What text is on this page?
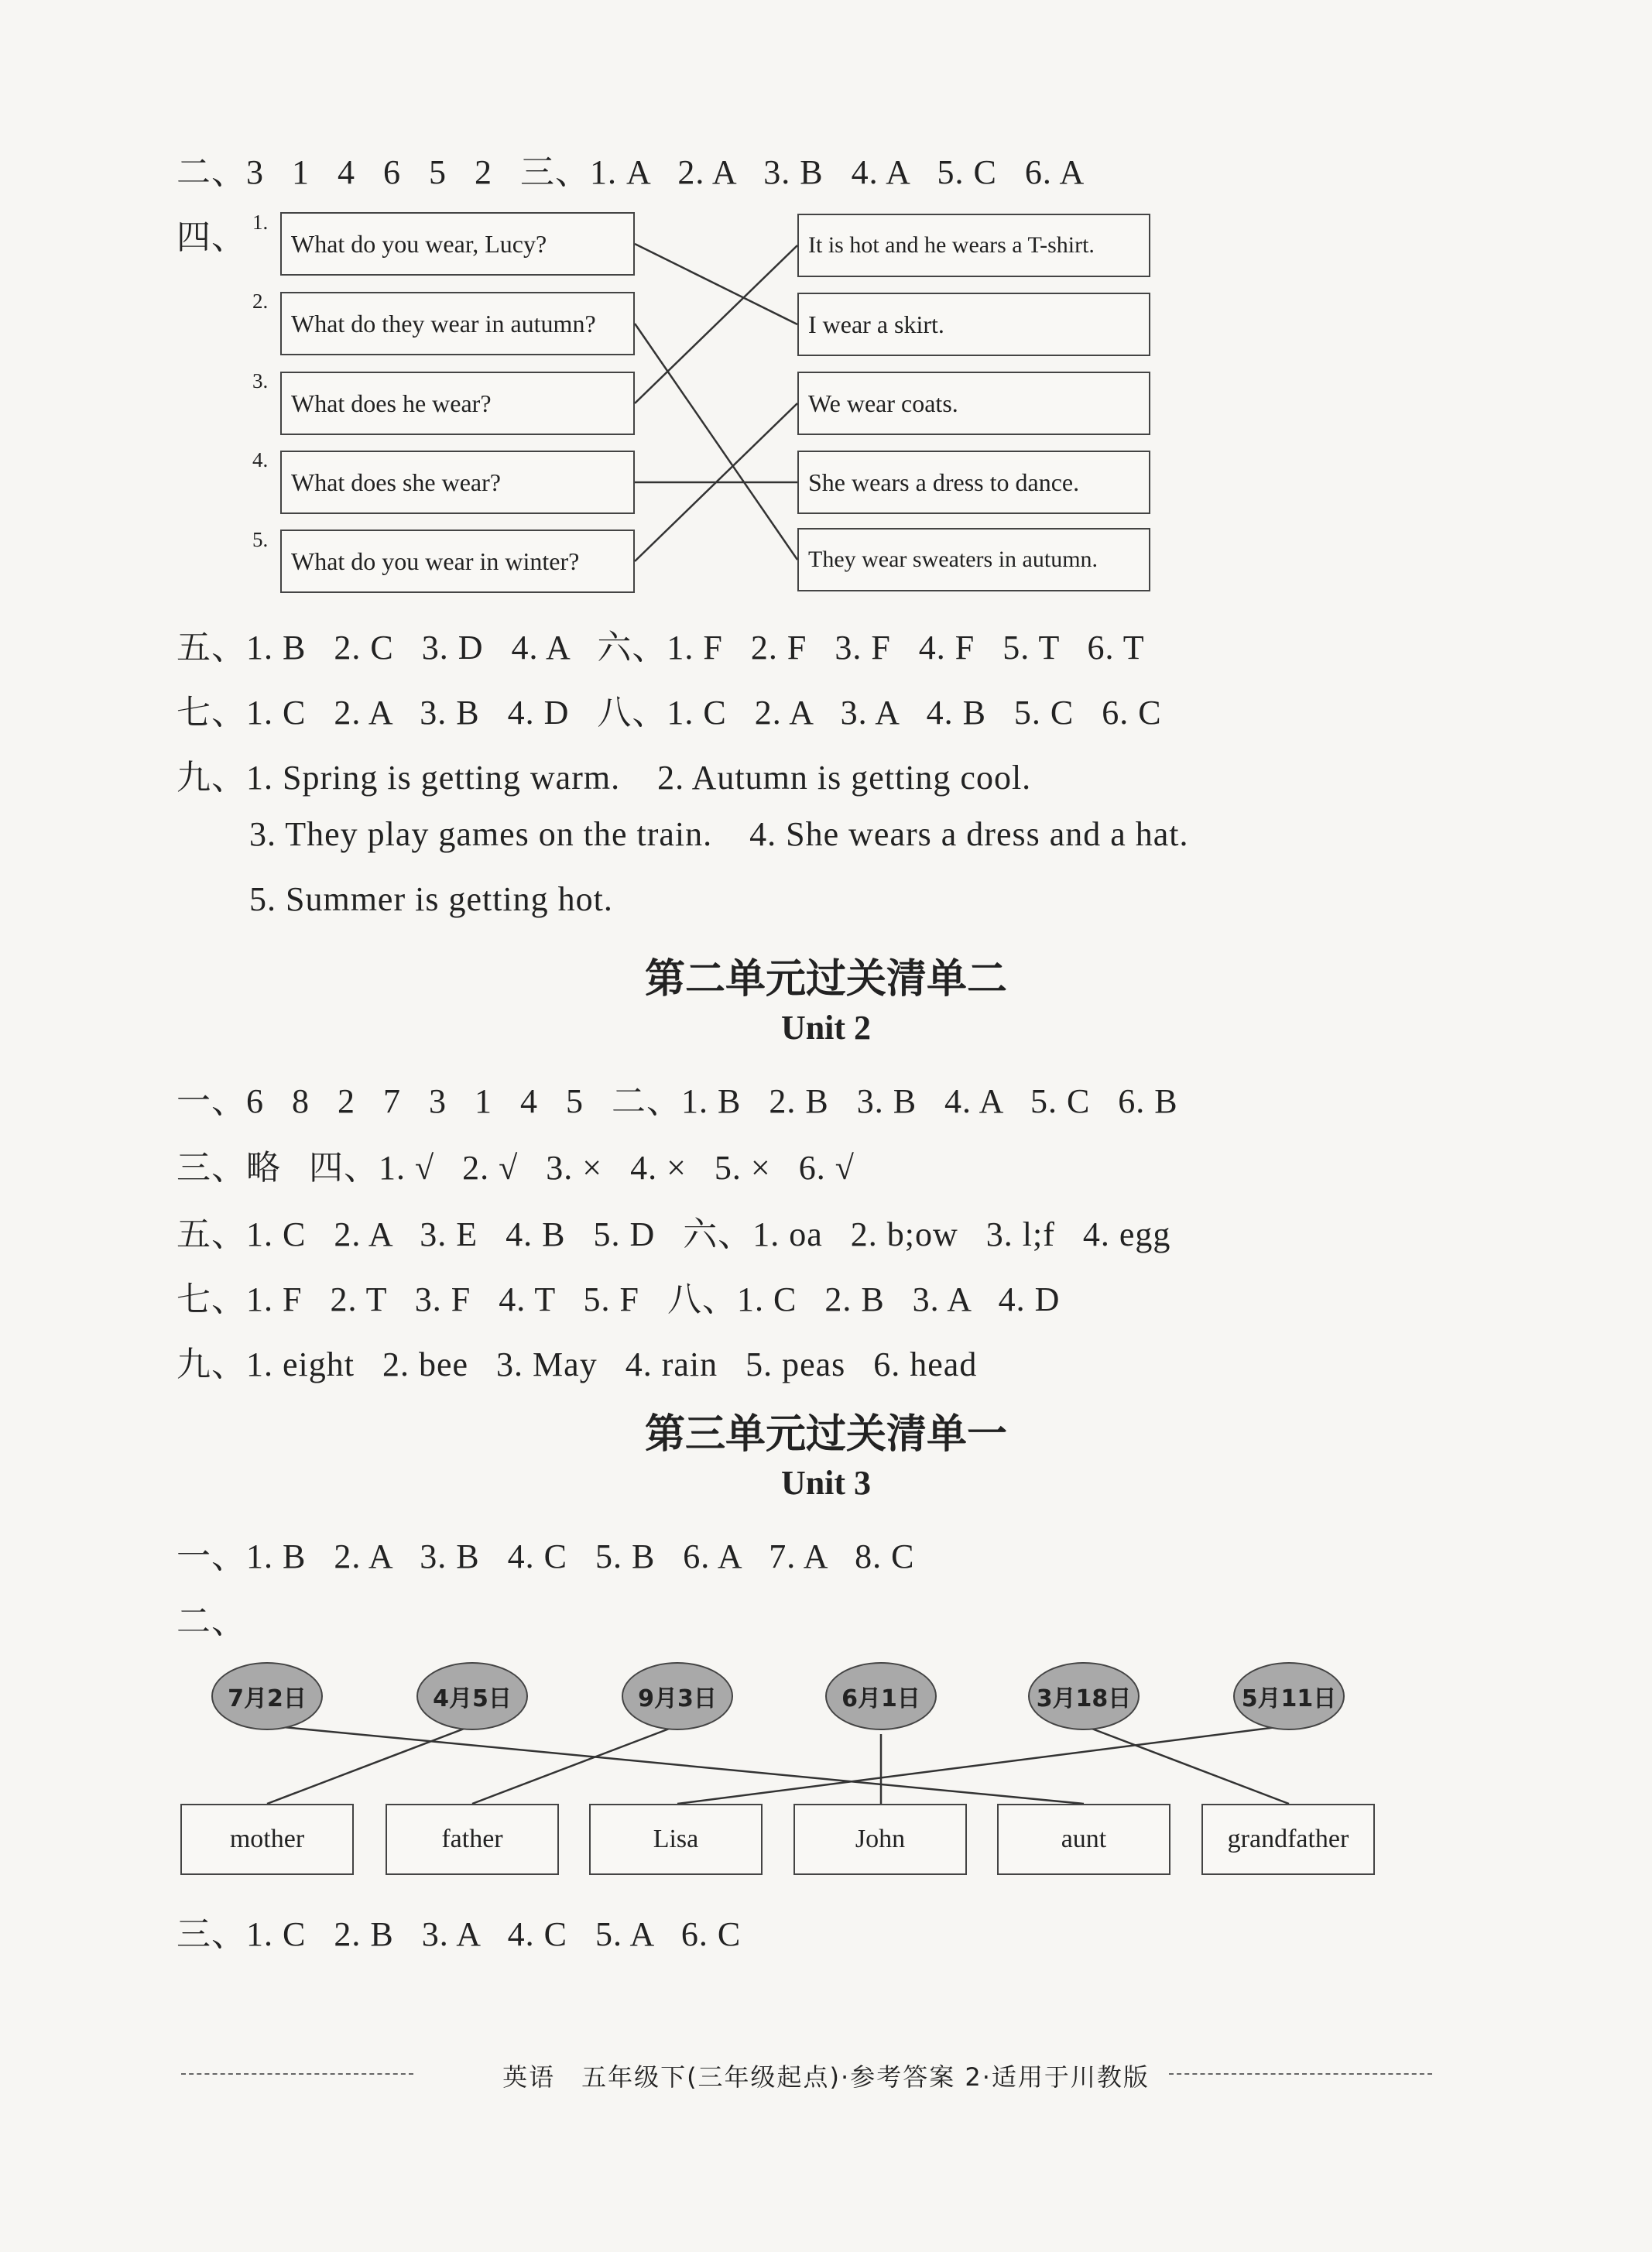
二、3   1   4   6   5   2   三、1. A   2. A   3. B   4. A   5. C   6. A
四、 1.
2.
3.
4.
5.
What do you wear, Lucy?
What do they wear in autumn?
What does he wear?
What does she wear?
What do you wear in winter?
It is hot and he wears a T-shirt.
I wear a skirt.
We wear coats.
She wears a dress to dance.
They wear sweaters in autumn.
五、1. B   2. C   3. D   4. A   六、1. F   2. F   3. F   4. F   5. T   6. T
七、1. C   2. A   3. B   4. D   八、1. C   2. A   3. A   4. B   5. C   6. C
九、1. Spring is getting warm.    2. Autumn is getting cool.
3. They play games on the train.    4. She wears a dress and a hat.
5. Summer is getting hot.
第二单元过关清单二
Unit 2
一、6   8   2   7   3   1   4   5   二、1. B   2. B   3. B   4. A   5. C   6. B
三、略   四、1. √   2. √   3. ×   4. ×   5. ×   6. √
五、1. C   2. A   3. E   4. B   5. D   六、1. oa   2. b;ow   3. l;f   4. egg
七、1. F   2. T   3. F   4. T   5. F   八、1. C   2. B   3. A   4. D
九、1. eight   2. bee   3. May   4. rain   5. peas   6. head
第三单元过关清单一
Unit 3
一、1. B   2. A   3. B   4. C   5. B   6. A   7. A   8. C
二、
7月2日	4月5日	9月3日	6月1日	3月18日	5月11日
mother	father	Lisa	John	aunt	grandfather
三、1. C   2. B   3. A   4. C   5. A   6. C
英语　五年级下(三年级起点)·参考答案 2·适用于川教版
